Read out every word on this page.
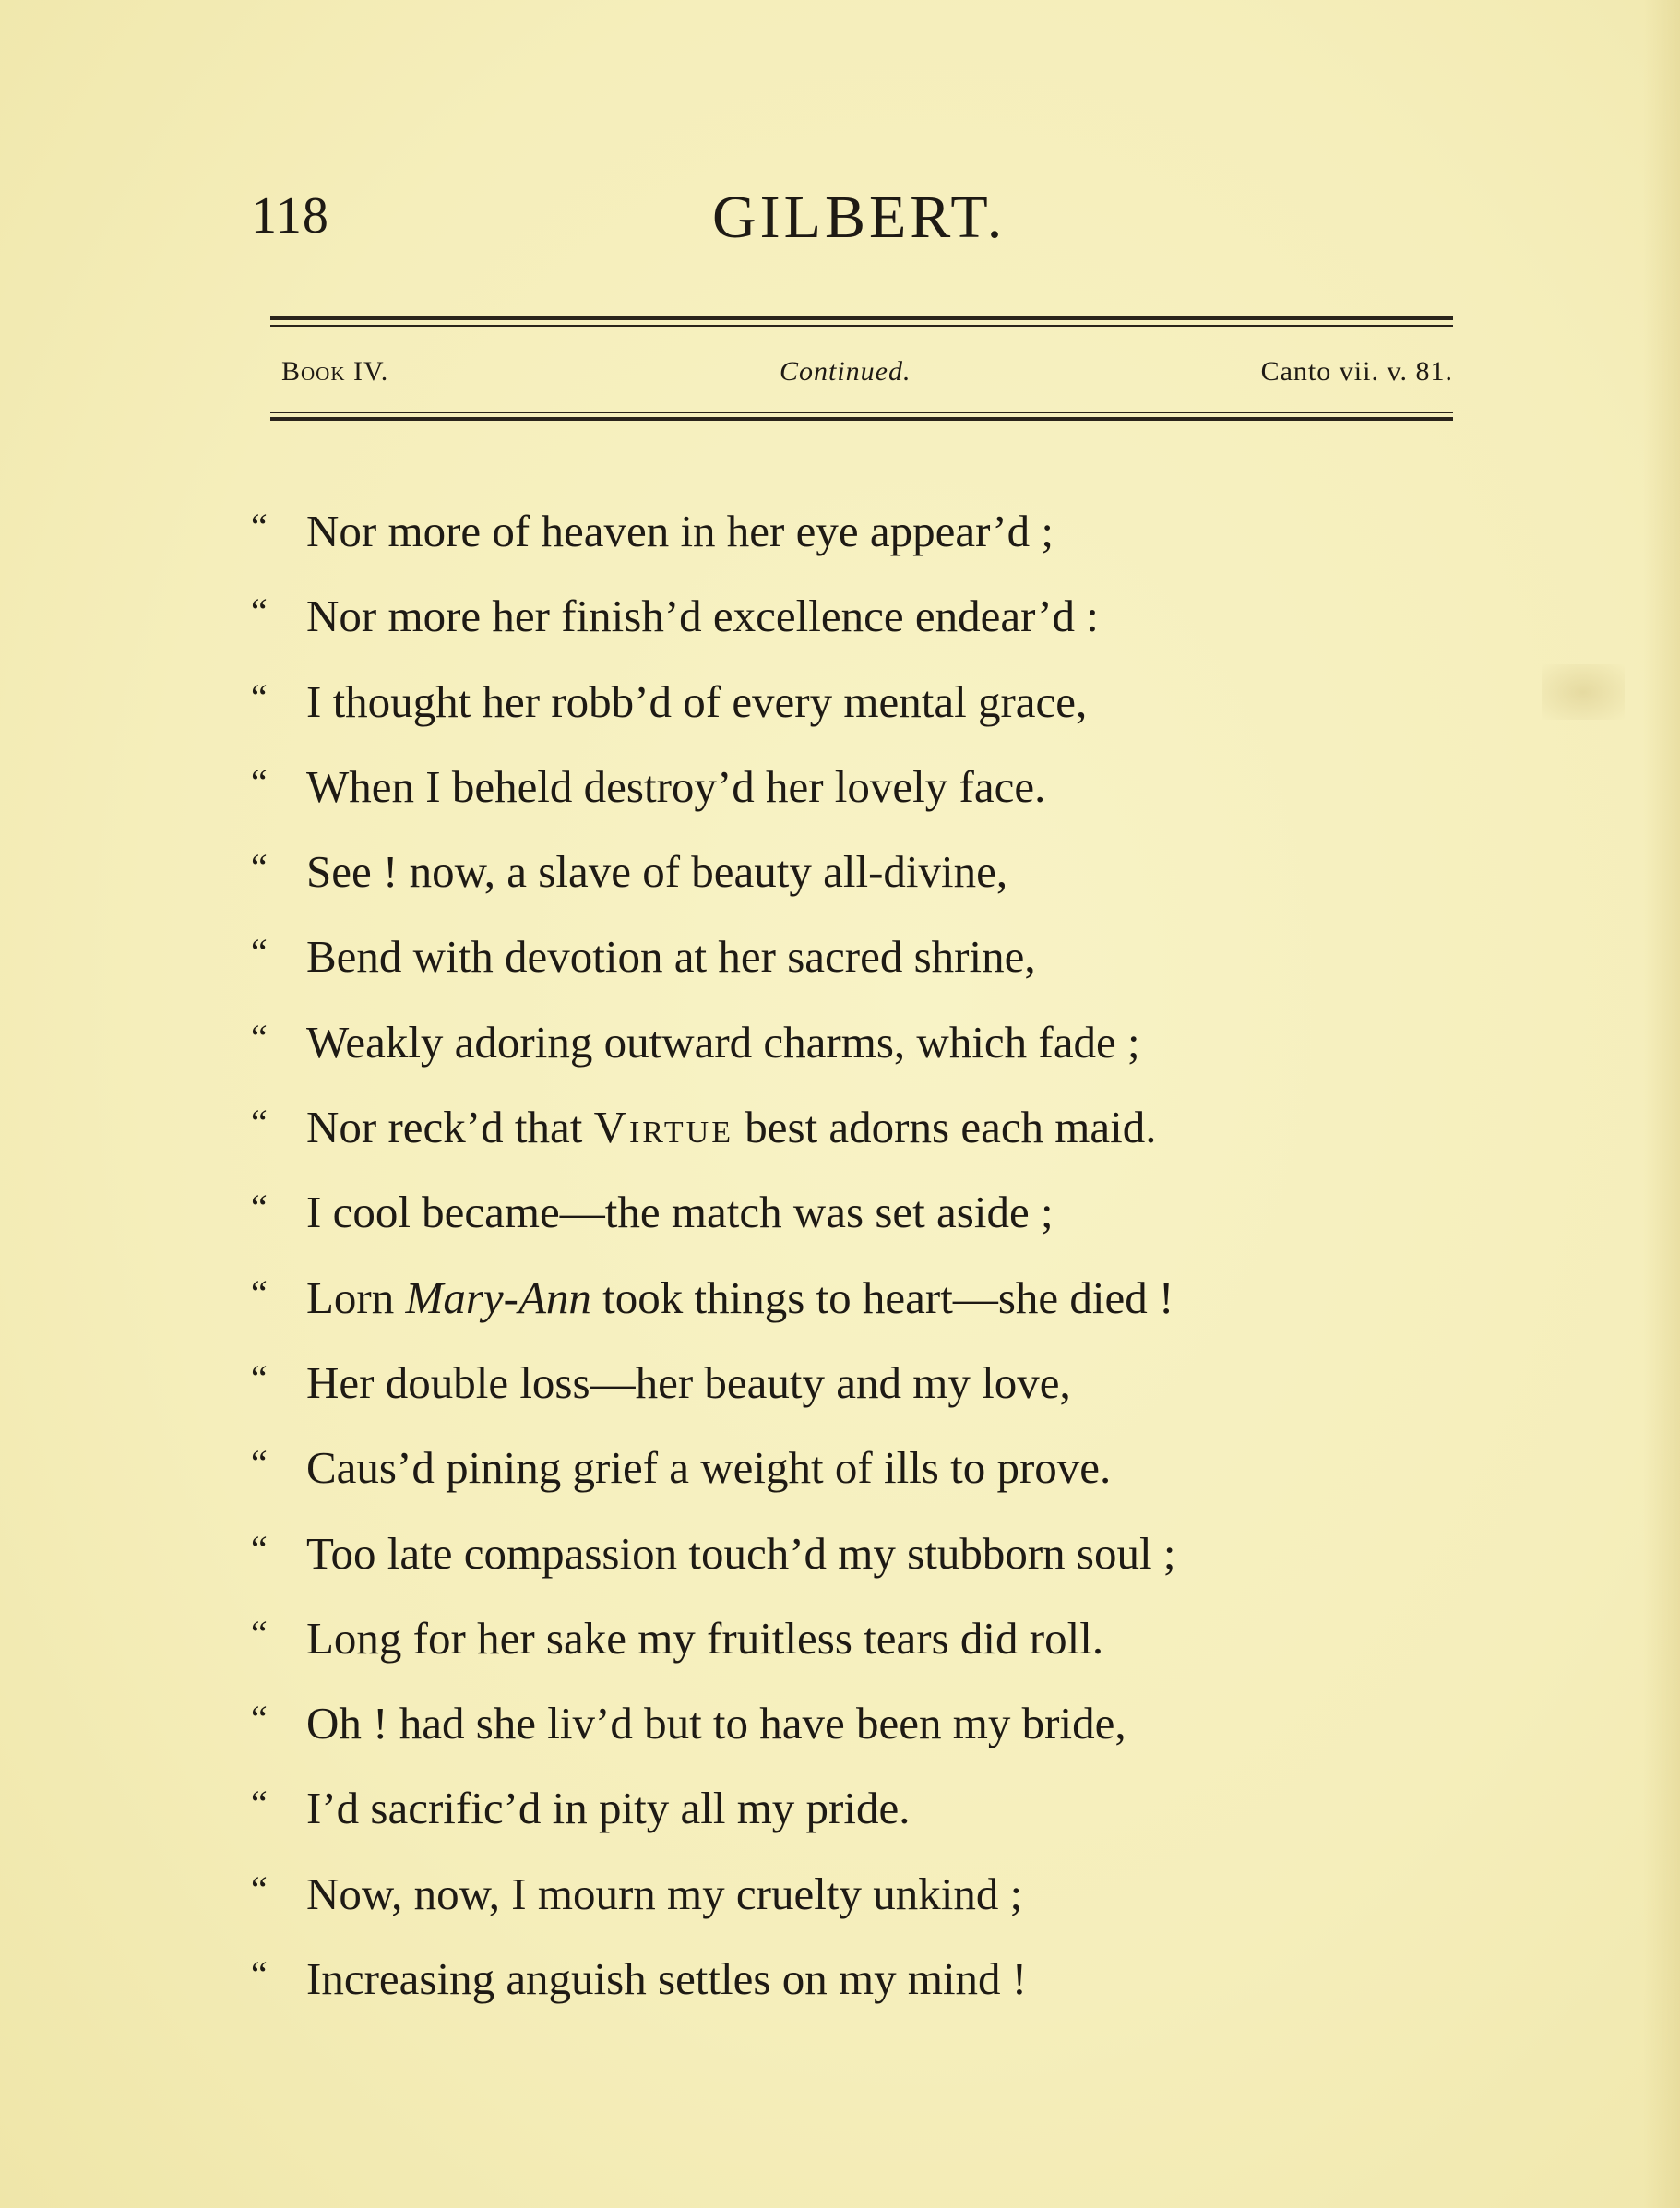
118	GILBERT.
Book IV.	Continued.	Canto vii. v. 81.
“ Nor more of heaven in her eye appear’d ;
“ Nor more her finish’d excellence endear’d :
“ I thought her robb’d of every mental grace,
“ When I beheld destroy’d her lovely face.
“ See ! now, a slave of beauty all-divine,
“ Bend with devotion at her sacred shrine,
“ Weakly adoring outward charms, which fade ;
“ Nor reck’d that Virtue best adorns each maid.
“ I cool became—the match was set aside ;
“ Lorn Mary-Ann took things to heart—she died !
“ Her double loss—her beauty and my love,
“ Caus’d pining grief a weight of ills to prove.
“ Too late compassion touch’d my stubborn soul ;
“ Long for her sake my fruitless tears did roll.
“ Oh ! had she liv’d but to have been my bride,
“ I’d sacrific’d in pity all my pride.
“ Now, now, I mourn my cruelty unkind ;
“ Increasing anguish settles on my mind !
